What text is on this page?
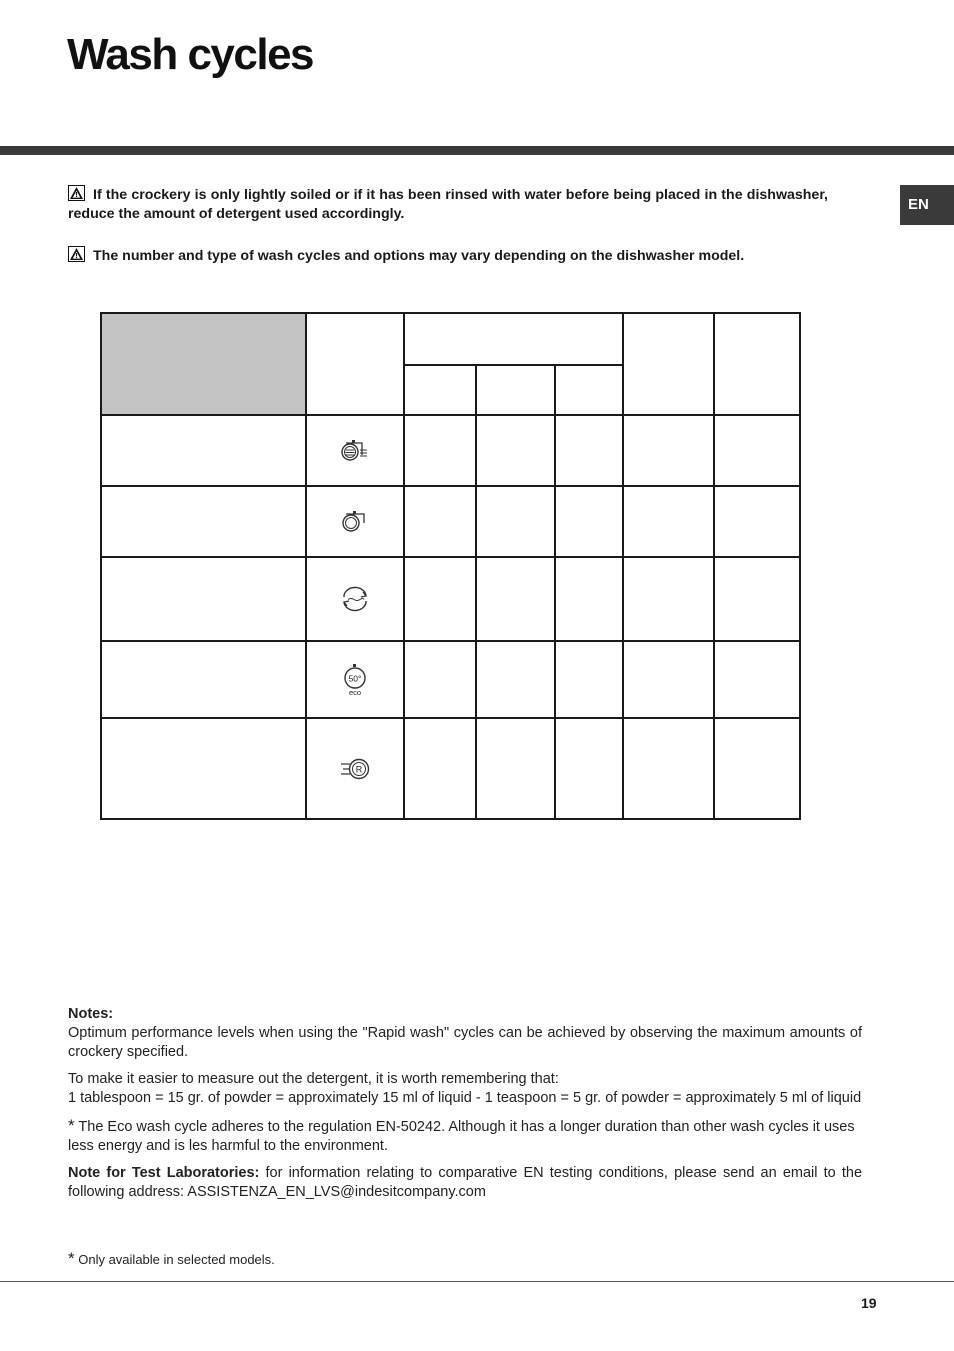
Wash cycles
EN

If the crockery is only lightly soiled or if it has been rinsed with water before being placed in the dishwasher, reduce the amount of detergent used accordingly.

The number and type of wash cycles and options may vary depending on the dishwasher model.

50°
eco					

R					

Notes:

Optimum performance levels when using the "Rapid wash" cycles can be achieved by observing the maximum amounts of crockery specified.

To make it easier to measure out the detergent, it is worth remembering that:
1 tablespoon = 15 gr. of powder = approximately 15 ml of liquid - 1 teaspoon = 5 gr. of powder = approximately 5 ml of liquid

* The Eco wash cycle adheres to the regulation EN-50242. Although it has a longer duration than other wash cycles it uses less energy and is les harmful to the environment.

Note for Test Laboratories: for information relating to comparative EN testing conditions, please send an email to the following address: ASSISTENZA_EN_LVS@indesitcompany.com

* Only available in selected models.
19
